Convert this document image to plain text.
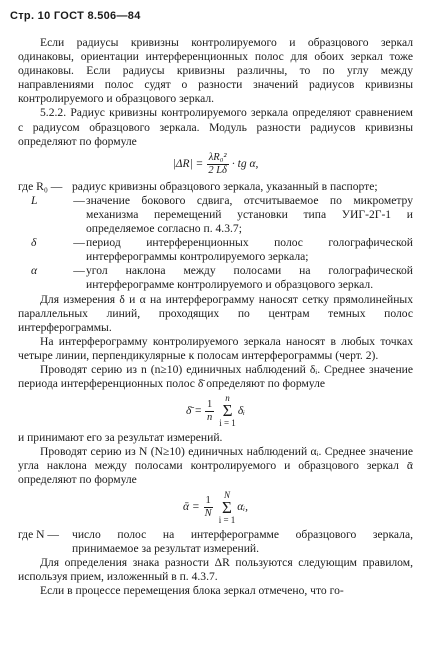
Стр. 10 ГОСТ 8.506—84

Если радиусы кривизны контролируемого и образцового зеркал одинаковы, ориентации интерференционных полос для обоих зеркал тоже одинаковы. Если радиусы кривизны различны, то по углу между направлениями полос судят о разности значений радиусов кривизны контролируемого и образцового зеркал.

5.2.2. Радиус кривизны контролируемого зеркала определяют сравнением с радиусом образцового зеркала. Модуль разности радиусов кривизны определяют по формуле

$|\Delta R| = \frac{\text{λR₀²}}{2 L\delta}$ · tg α,
где R₀ — радиус кривизны образцового зеркала, указанный в паспорте;
L	— значение бокового сдвига, отсчитываемое по микрометру механизма перемещений установки типа УИГ-2Г-1 и определяемое согласно п. 4.3.7;
δ	— период интерференционных полос голографической интерферограммы контролируемого зеркала;
α	— угол наклона между полосами на голографической интерферограмме контролируемого и образцового зеркал.

Для измерения δ и α на интерферограмму наносят сетку прямолинейных параллельных линий, проходящих по центрам темных полос интерферограммы.

На интерферограмму контролируемого зеркала наносят в любых точках четыре линии, перпендикулярные к полосам интерферограммы (черт. 2).

Проводят серию из n (n≥10) единичных наблюдений δᵢ. Среднее значение периода интерференционных полос δ̄ определяют по формуле

δ̄ = $\frac{1}{n}$
n
Σ
i = 1
δᵢ

и принимают его за результат измерений.

Проводят серию из N (N≥10) единичных наблюдений αᵢ. Среднее значение угла наклона между полосами контролируемого и образцового зеркал ᾱ определяют по формуле

ᾱ = $\frac{1}{N}$
N
Σ
i = 1
αᵢ,
где N —	число полос на интерферограмме образцового зеркала, принимаемое за результат измерений.

Для определения знака разности ΔR пользуются следующим правилом, используя прием, изложенный в п. 4.3.7.

Если в процессе перемещения блока зеркал отмечено, что го-
